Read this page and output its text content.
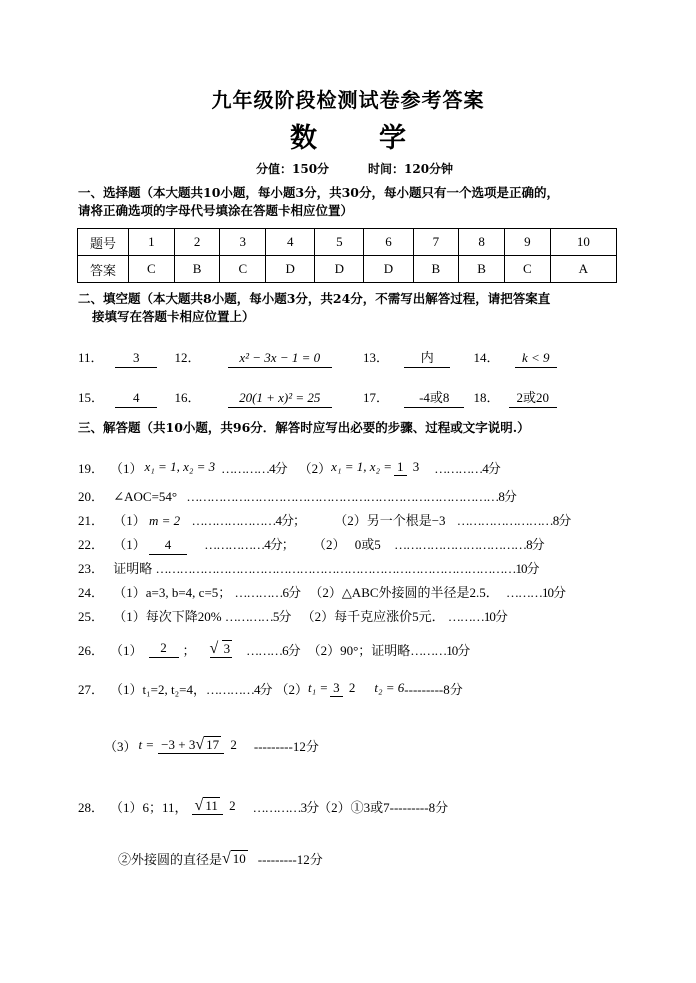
九年级阶段检测试卷参考答案
数学
分值：150分	时间：120分钟
一、选择题（本大题共10小题，每小题3分，共30分，每小题只有一个选项是正确的，
请将正确选项的字母代号填涂在答题卡相应位置）
题号	1	2	3	4	5	6	7	8	9	10
答案	C	B	C	D	D	D	B	B	C	A
二、填空题（本大题共8小题，每小题3分，共24分，不需写出解答过程，请把答案直
接填写在答题卡相应位置上）
11． 3	12．	x² − 3x − 1 = 0	13． 内	14． k < 9
15． 4	16．	20(1 + x)² = 25	17． -4或8 18． 2或20
三、解答题（共10小题，共96分．解答时应写出必要的步骤、过程或文字说明.）
19． （1） x₁ = 1, x₂ = 3 …………4分 （2） x₁ = 1, x₂ = 1 3 …………4分
20． ∠AOC=54° ……………………………………………………………………8分
21． （1） m = 2 …………………4分； （2）另一个根是−3 ……………………8分
22． （1） 4	……………4分； （2） 0或5 ……………………………8分
23． 证明略 ………………………………………………………………………………10分
24． （1）a=3, b=4, c=5； …………6分 （2）△ABC外接圆的半径是2.5． ………10分
25． （1）每次下降20% …………5分 （2）每千克应涨价5元． ………10分
26． （1）	2	； √ 3 ………6分 （2）90°；证明略 ………10分
27． （1）t₁=2, t₂=4， …………4分 （2） t₁ = 3 2 t₂ = 6 ---------8分
（3） t = −3 + 3√ 17 2 ---------12分
28． （1）6；11， √ 11 2 …………3分 （2）①3或7 ---------8分
②外接圆的直径是 √ 10 ---------12分
